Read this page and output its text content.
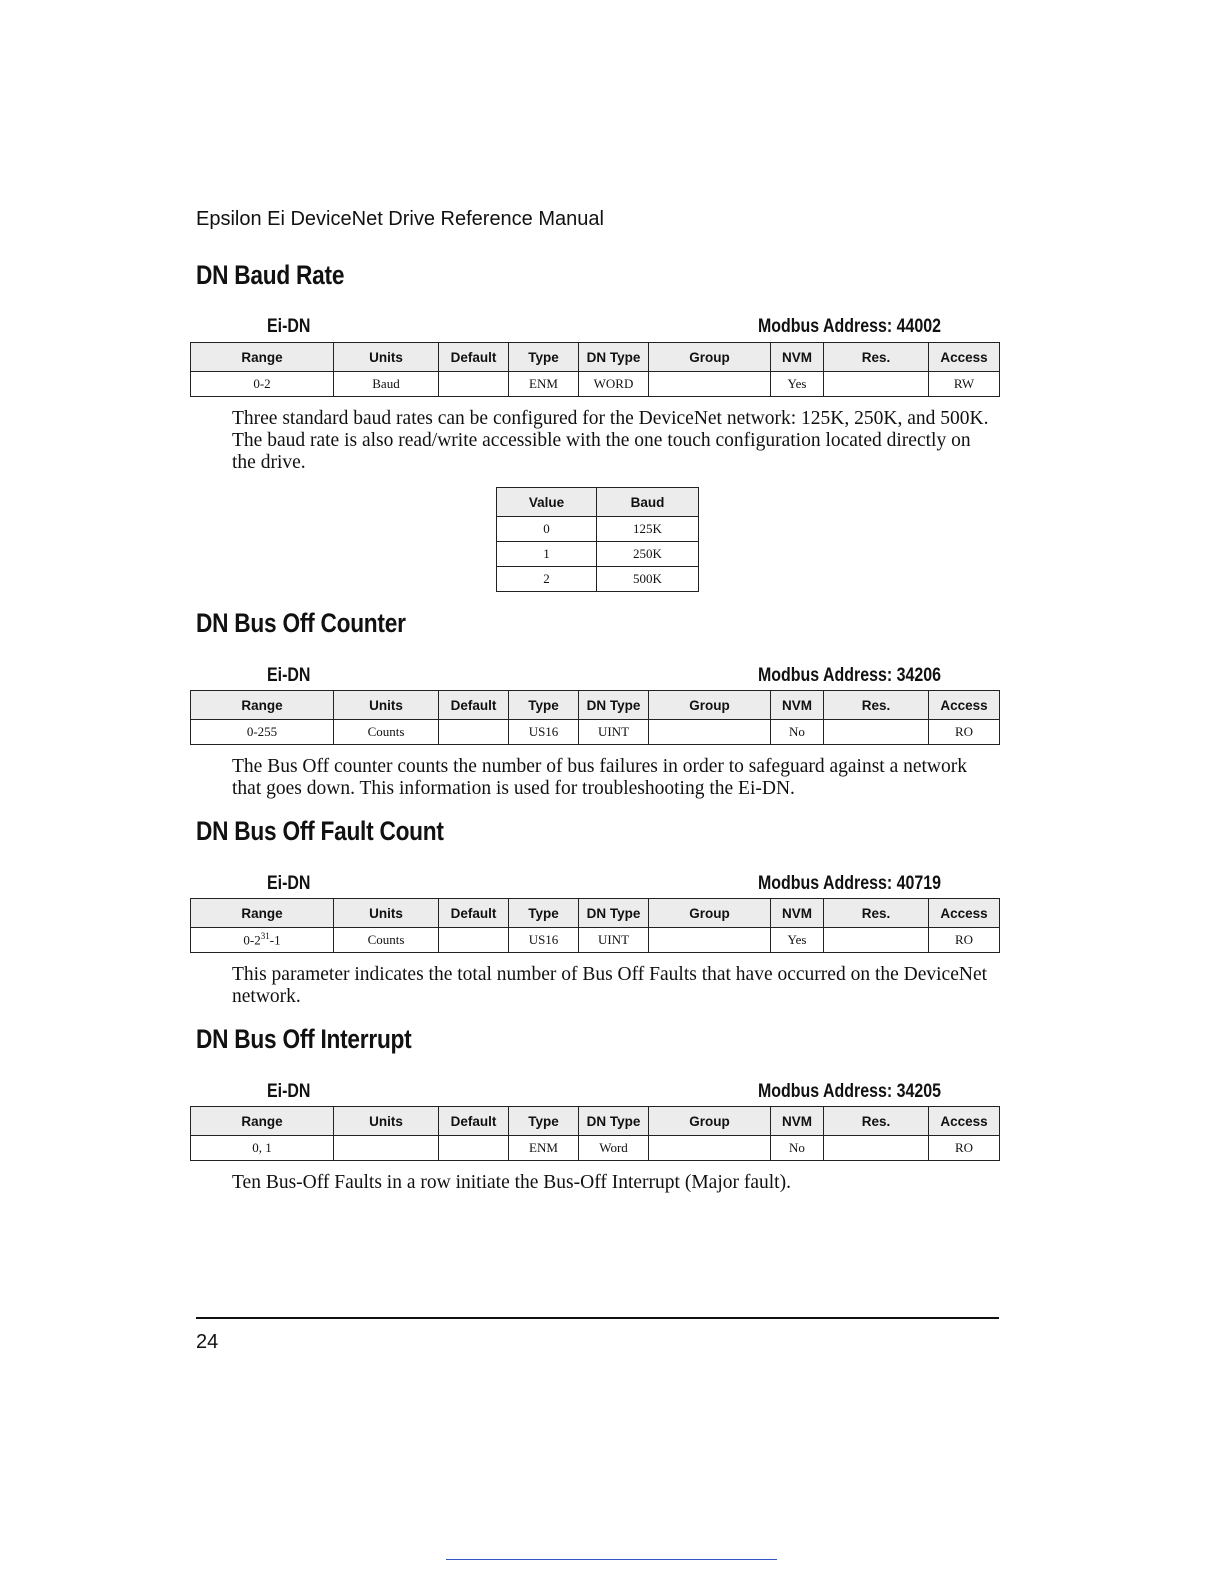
Epsilon Ei DeviceNet Drive Reference Manual
DN Baud Rate
Ei-DN	Modbus Address: 44002
Range	Units	Default	Type	DN Type	Group	NVM	Res.	Access
0-2	Baud		ENM	WORD		Yes		RW
Three standard baud rates can be configured for the DeviceNet network: 125K, 250K, and 500K. The baud rate is also read/write accessible with the one touch configuration located directly on the drive.
Value	Baud
0	125K
1	250K
2	500K
DN Bus Off Counter
Ei-DN	Modbus Address: 34206
Range	Units	Default	Type	DN Type	Group	NVM	Res.	Access
0-255	Counts		US16	UINT		No		RO
The Bus Off counter counts the number of bus failures in order to safeguard against a network that goes down. This information is used for troubleshooting the Ei-DN.
DN Bus Off Fault Count
Ei-DN	Modbus Address: 40719
Range	Units	Default	Type	DN Type	Group	NVM	Res.	Access
$0-2^{31}-1$	Counts		US16	UINT		Yes		RO
This parameter indicates the total number of Bus Off Faults that have occurred on the DeviceNet network.
DN Bus Off Interrupt
Ei-DN	Modbus Address: 34205
Range	Units	Default	Type	DN Type	Group	NVM	Res.	Access
0, 1			ENM	Word		No		RO
Ten Bus-Off Faults in a row initiate the Bus-Off Interrupt (Major fault).
24
